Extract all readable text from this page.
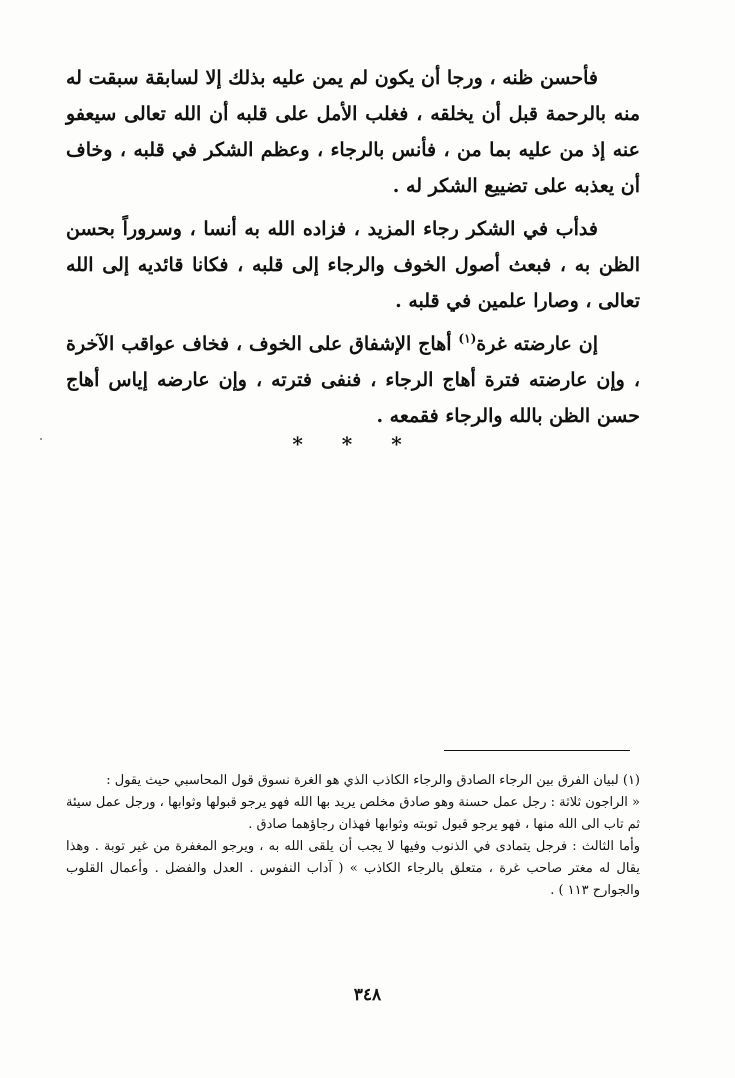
فأحسن ظنه ، ورجا أن يكون لم يمن عليه بذلك إلا لسابقة سبقت له منه بالرحمة قبل أن يخلقه ، فغلب الأمل على قلبه أن الله تعالى سيعفو عنه إذ من عليه بما من ، فأنس بالرجاء ، وعظم الشكر في قلبه ، وخاف أن يعذبه على تضييع الشكر له .

فدأب في الشكر رجاء المزيد ، فزاده الله به أنسا ، وسروراً بحسن الظن به ، فبعث أصول الخوف والرجاء إلى قلبه ، فكانا قائديه إلى الله تعالى ، وصارا علمين في قلبه .

إن عارضته غرة$^{(١)}$ أهاج الإشفاق على الخوف ، فخاف عواقب الآخرة ، وإن عارضته فترة أهاج الرجاء ، فنفى فترته ، وإن عارضه إياس أهاج حسن الظن بالله والرجاء فقمعه .

* * *

(١) لبيان الفرق بين الرجاء الصادق والرجاء الكاذب الذي هو الغرة نسوق قول المحاسبي حيث يقول :

« الراجون ثلاثة : رجل عمل حسنة وهو صادق مخلص يريد بها الله فهو يرجو قبولها وثوابها ، ورجل عمل سيئة ثم تاب الى الله منها ، فهو يرجو قبول توبته وثوابها فهذان رجاؤهما صادق .

وأما الثالث : فرجل يتمادى في الذنوب وفيها لا يجب أن يلقى الله به ، ويرجو المغفرة من غير توبة . وهذا يقال له مغتر صاحب غرة ، متعلق بالرجاء الكاذب » ( آداب النفوس . العدل والفضل . وأعمال القلوب والجوارح ١١٣ ) .

٣٤٨
